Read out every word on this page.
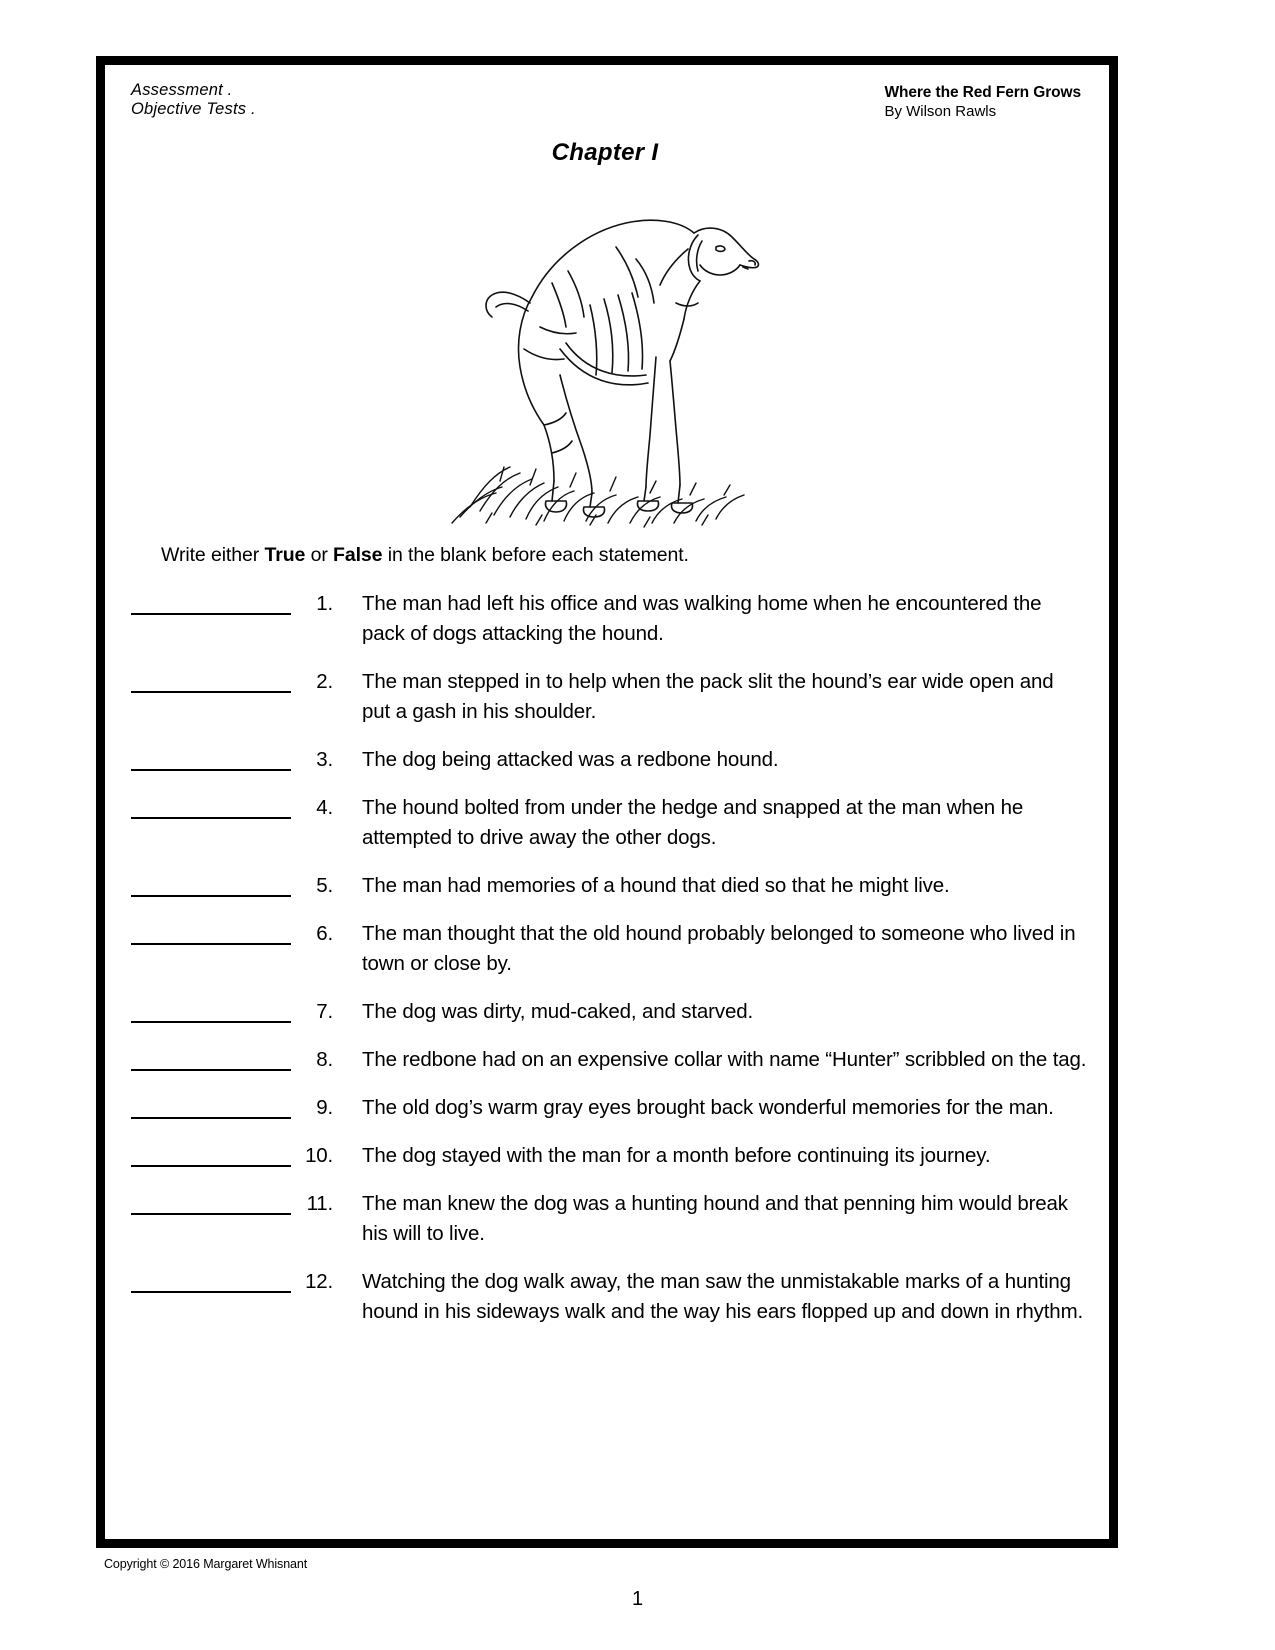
Assessment .
Objective Tests .
Where the Red Fern Grows
By Wilson Rawls
Chapter I
Write either True or False in the blank before each statement.
1.	The man had left his office and was walking home when he encountered the pack of dogs attacking the hound.
2.	The man stepped in to help when the pack slit the hound’s ear wide open and put a gash in his shoulder.
3.	The dog being attacked was a redbone hound.
4.	The hound bolted from under the hedge and snapped at the man when he attempted to drive away the other dogs.
5.	The man had memories of a hound that died so that he might live.
6.	The man thought that the old hound probably belonged to someone who lived in town or close by.
7.	The dog was dirty, mud-caked, and starved.
8.	The redbone had on an expensive collar with name “Hunter” scribbled on the tag.
9.	The old dog’s warm gray eyes brought back wonderful memories for the man.
10.	The dog stayed with the man for a month before continuing its journey.
11.	The man knew the dog was a hunting hound and that penning him would break his will to live.
12.	Watching the dog walk away, the man saw the unmistakable marks of a hunting hound in his sideways walk and the way his ears flopped up and down in rhythm.
Copyright © 2016 Margaret Whisnant
1
